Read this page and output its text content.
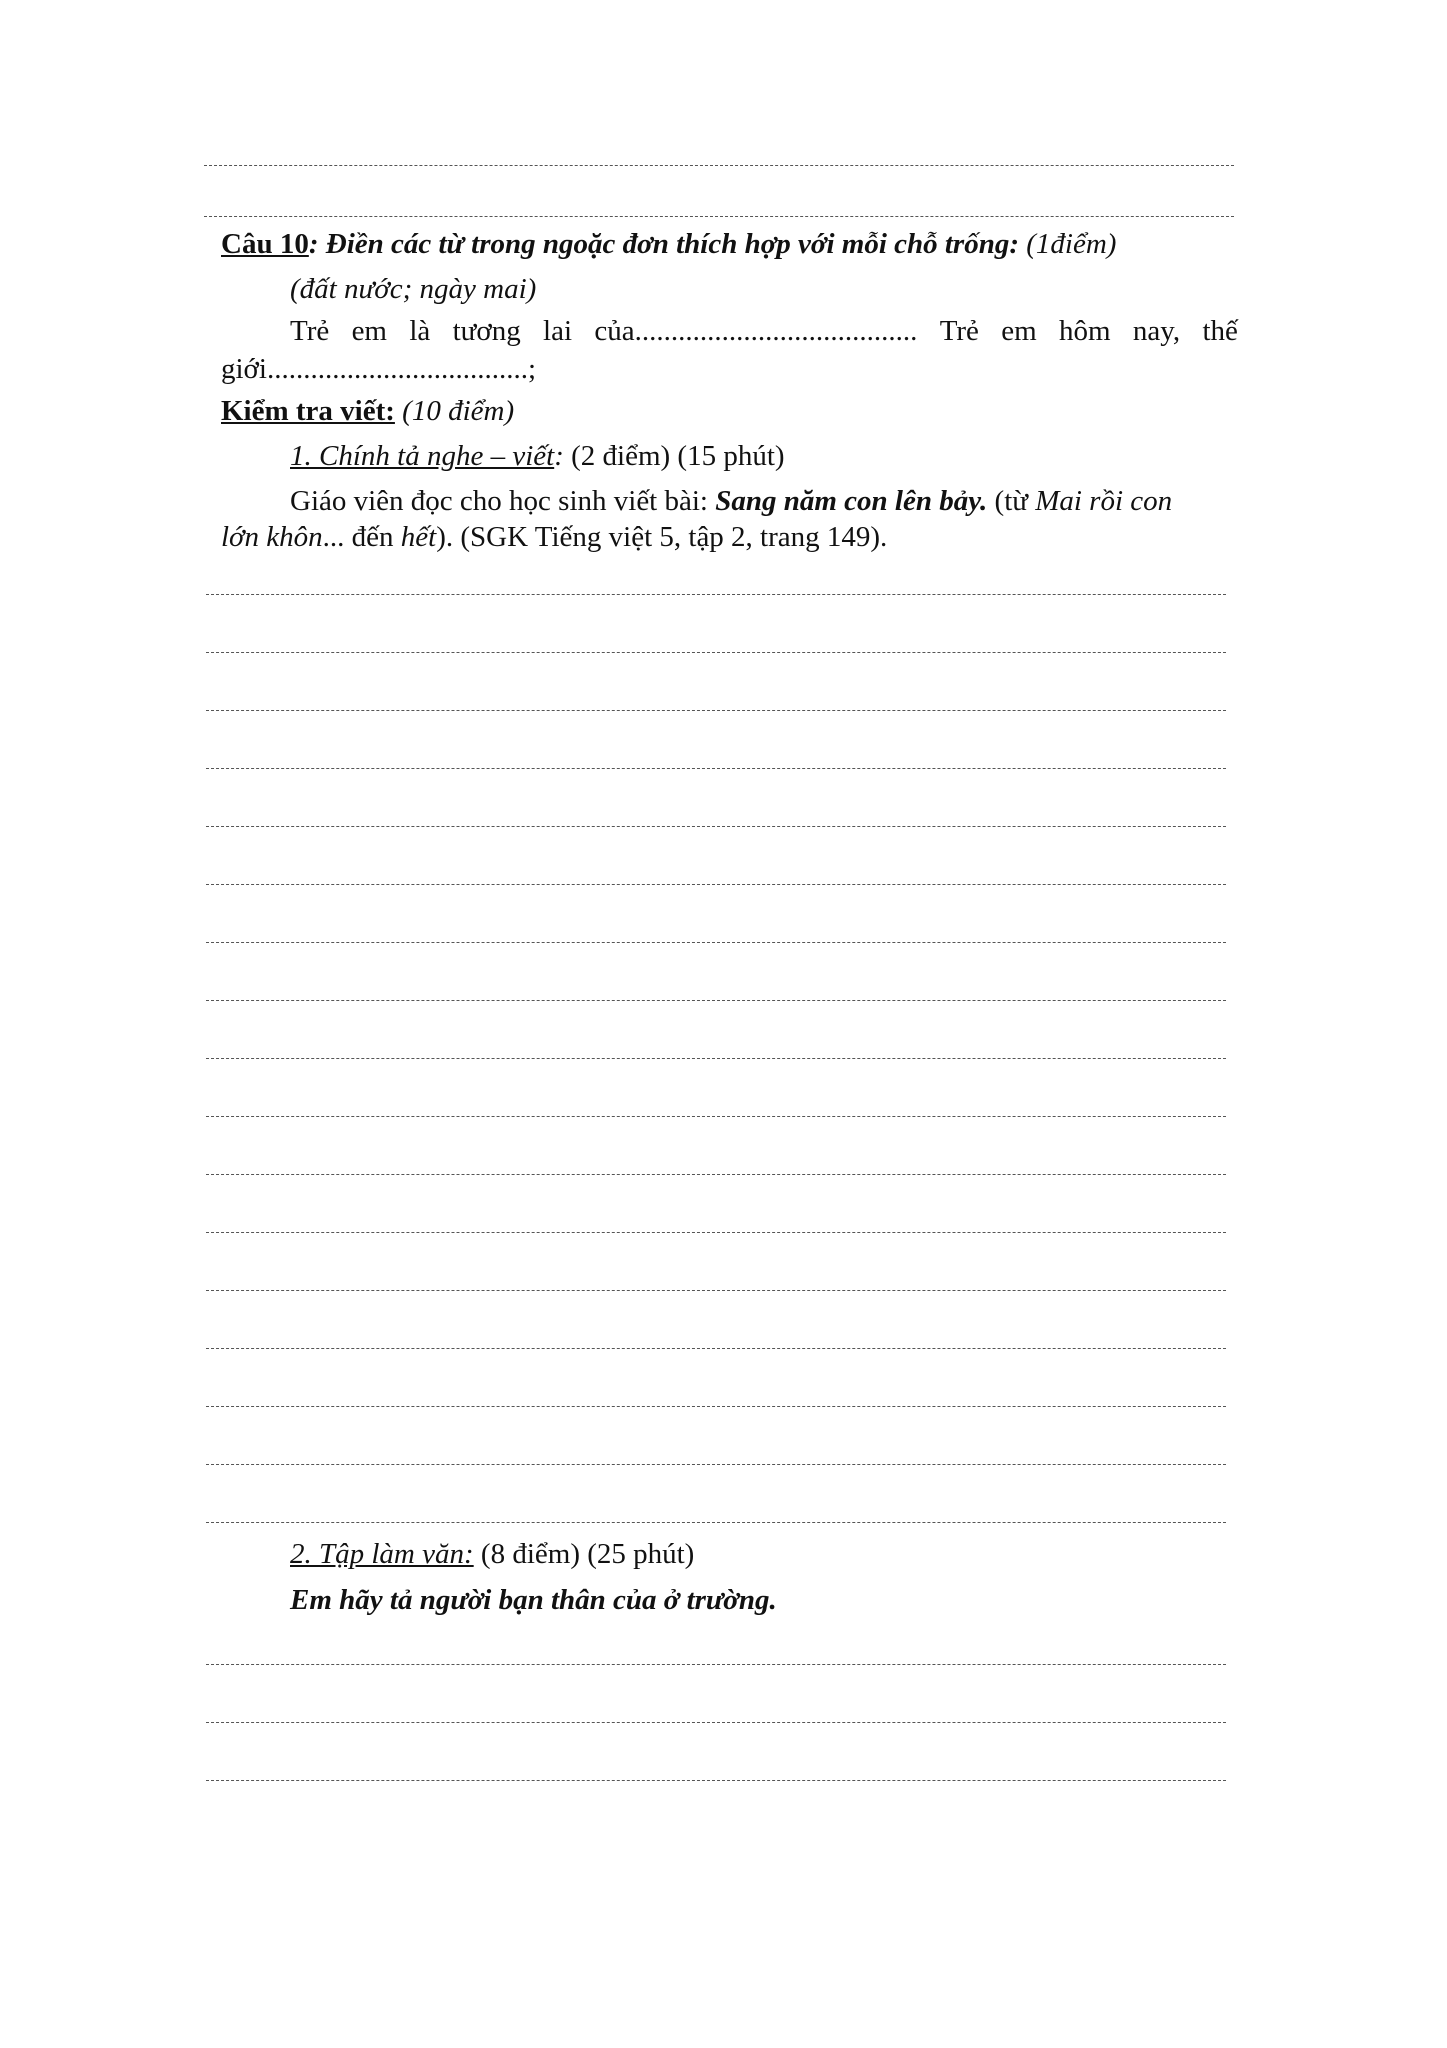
Câu 10: Điền các từ trong ngoặc đơn thích hợp với mỗi chỗ trống: (1điểm)
(đất nước; ngày mai)
Trẻ em là tương lai của....................................... Trẻ em hôm nay, thế
giới....................................;
Kiểm tra viết: (10 điểm)
1. Chính tả nghe – viết: (2 điểm) (15 phút)
Giáo viên đọc cho học sinh viết bài: Sang năm con lên bảy. (từ Mai rồi con
lớn khôn... đến hết). (SGK Tiếng việt 5, tập 2, trang 149).
2. Tập làm văn: (8 điểm) (25 phút)
Em hãy tả người bạn thân của ở trường.
